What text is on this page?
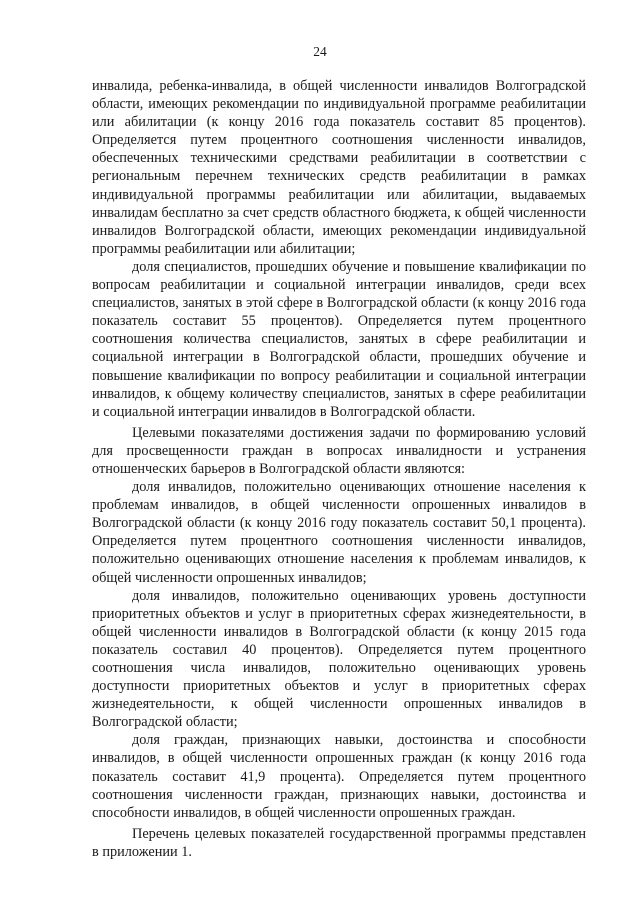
24

инвалида, ребенка-инвалида, в общей численности инвалидов Волгоградской области, имеющих рекомендации по индивидуальной программе реабилитации или абилитации (к концу 2016 года показатель составит 85 процентов). Определяется путем процентного соотношения численности инвалидов, обеспеченных техническими средствами реабилитации в соответствии с региональным перечнем технических средств реабилитации в рамках индивидуальной программы реабилитации или абилитации, выдаваемых инвалидам бесплатно за счет средств областного бюджета, к общей численности инвалидов Волгоградской области, имеющих рекомендации индивидуальной программы реабилитации или абилитации;

доля специалистов, прошедших обучение и повышение квалификации по вопросам реабилитации и социальной интеграции инвалидов, среди всех специалистов, занятых в этой сфере в Волгоградской области (к концу 2016 года показатель составит 55 процентов). Определяется путем процентного соотношения количества специалистов, занятых в сфере реабилитации и социальной интеграции в Волгоградской области, прошедших обучение и повышение квалификации по вопросу реабилитации и социальной интеграции инвалидов, к общему количеству специалистов, занятых в сфере реабилитации и социальной интеграции инвалидов в Волгоградской области.

Целевыми показателями достижения задачи по формированию условий для просвещенности граждан в вопросах инвалидности и устранения отношенческих барьеров в Волгоградской области являются:

доля инвалидов, положительно оценивающих отношение населения к проблемам инвалидов, в общей численности опрошенных инвалидов в Волгоградской области (к концу 2016 году показатель составит 50,1 процента). Определяется путем процентного соотношения численности инвалидов, положительно оценивающих отношение населения к проблемам инвалидов, к общей численности опрошенных инвалидов;

доля инвалидов, положительно оценивающих уровень доступности приоритетных объектов и услуг в приоритетных сферах жизнедеятельности, в общей численности инвалидов в Волгоградской области (к концу 2015 года показатель составил 40 процентов). Определяется путем процентного соотношения числа инвалидов, положительно оценивающих уровень доступности приоритетных объектов и услуг в приоритетных сферах жизнедеятельности, к общей численности опрошенных инвалидов в Волгоградской области;

доля граждан, признающих навыки, достоинства и способности инвалидов, в общей численности опрошенных граждан (к концу 2016 года показатель составит 41,9 процента). Определяется путем процентного соотношения численности граждан, признающих навыки, достоинства и способности инвалидов, в общей численности опрошенных граждан.

Перечень целевых показателей государственной программы представлен в приложении 1.
